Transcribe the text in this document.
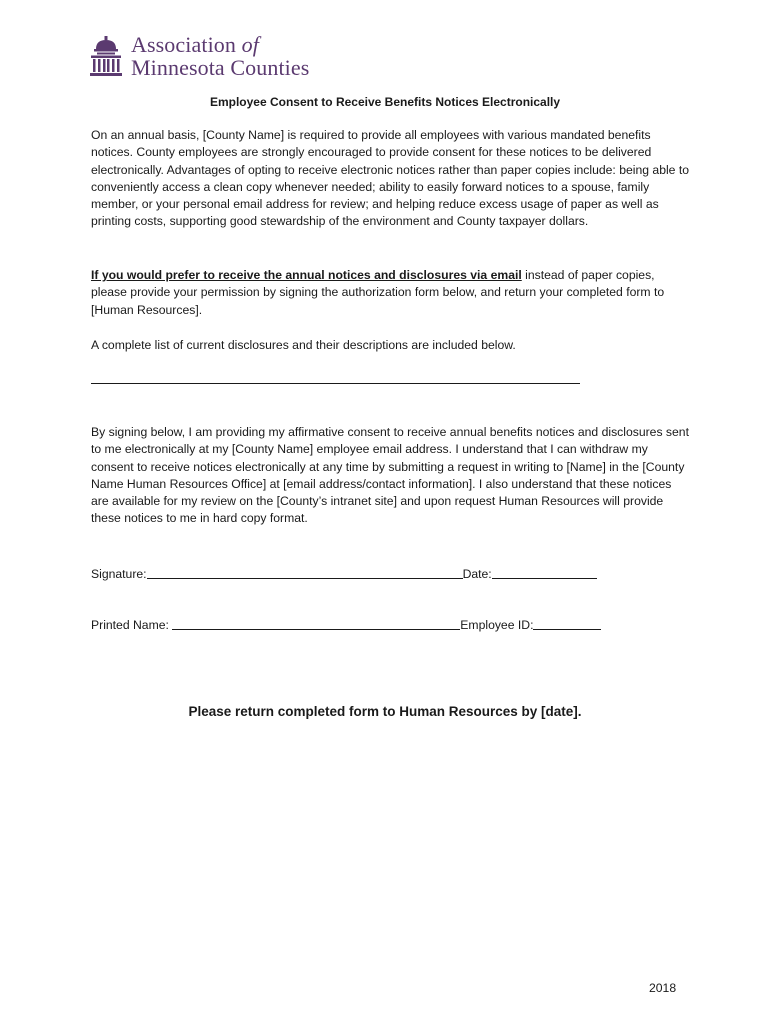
Association of
Minnesota Counties
Employee Consent to Receive Benefits Notices Electronically
On an annual basis, [County Name] is required to provide all employees with various mandated benefits notices. County employees are strongly encouraged to provide consent for these notices to be delivered electronically. Advantages of opting to receive electronic notices rather than paper copies include: being able to conveniently access a clean copy whenever needed; ability to easily forward notices to a spouse, family member, or your personal email address for review; and helping reduce excess usage of paper as well as printing costs, supporting good stewardship of the environment and County taxpayer dollars.
If you would prefer to receive the annual notices and disclosures via email instead of paper copies, please provide your permission by signing the authorization form below, and return your completed form to [Human Resources].
A complete list of current disclosures and their descriptions are included below.
By signing below, I am providing my affirmative consent to receive annual benefits notices and disclosures sent to me electronically at my [County Name] employee email address. I understand that I can withdraw my consent to receive notices electronically at any time by submitting a request in writing to [Name] in the [County Name Human Resources Office] at [email address/contact information]. I also understand that these notices are available for my review on the [County’s intranet site] and upon request Human Resources will provide these notices to me in hard copy format.
Signature:	Date:
Printed Name:	Employee ID:
Please return completed form to Human Resources by [date].
2018
